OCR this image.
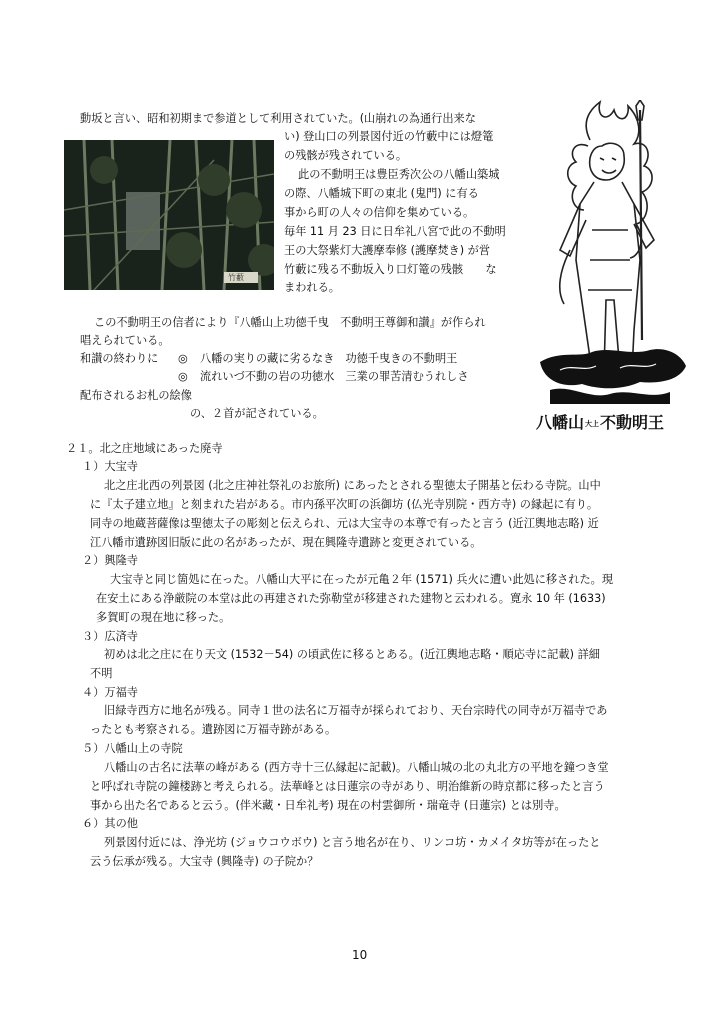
動坂と言い、昭和初期まで参道として利用されていた。(山崩れの為通行出来な
竹藪
い) 登山口の列景図付近の竹藪中には燈篭
の残骸が残されている。
此の不動明王は豊臣秀次公の八幡山築城
の際、八幡城下町の東北 (鬼門) に有る
事から町の人々の信仰を集めている。
毎年 11 月 23 日に日牟礼八宮で此の不動明
王の大祭紫灯大護摩奉修 (護摩焚き) が営
竹藪に残る不動坂入り口灯篭の残骸　　な
まわれる。
八幡山大上不動明王
この不動明王の信者により『八幡山上功徳千曳　不動明王尊御和讃』が作られ
唱えられている。
和讃の終わりに ◎ 八幡の実りの藏に劣るなき　功徳千曳きの不動明王
◎ 流れいづ不動の岩の功徳水　三業の罪苦清むうれしさ
配布されるお札の絵像
の、２首が記されている。
２１。北之庄地域にあった廃寺
１）大宝寺
北之庄北西の列景図 (北之庄神社祭礼のお旅所) にあったとされる聖徳太子開基と伝わる寺院。山中
に『太子建立地』と刻まれた岩がある。市内孫平次町の浜御坊 (仏光寺別院・西方寺) の縁起に有り。
同寺の地蔵菩薩像は聖徳太子の彫刻と伝えられ、元は大宝寺の本尊で有ったと言う (近江輿地志略) 近
江八幡市遺跡図旧版に此の名があったが、現在興隆寺遺跡と変更されている。
２）興隆寺
大宝寺と同じ箇処に在った。八幡山大平に在ったが元亀２年 (1571) 兵火に遭い此処に移された。現
在安土にある浄厳院の本堂は此の再建された弥勒堂が移建された建物と云われる。寛永 10 年 (1633)
多賀町の現在地に移った。
３）広済寺
初めは北之庄に在り天文 (1532－54) の頃武佐に移るとある。(近江輿地志略・順応寺に記載) 詳細
不明
４）万福寺
旧緑寺西方に地名が残る。同寺１世の法名に万福寺が採られており、天台宗時代の同寺が万福寺であ
ったとも考察される。遺跡図に万福寺跡がある。
５）八幡山上の寺院
八幡山の古名に法華の峰がある (西方寺十三仏縁起に記載)。八幡山城の北の丸北方の平地を鐘つき堂
と呼ばれ寺院の鐘楼跡と考えられる。法華峰とは日蓮宗の寺があり、明治維新の時京都に移ったと言う
事から出た名であると云う。(伴米藏・日牟礼考) 現在の村雲御所・瑞竜寺 (日蓮宗) とは別寺。
６）其の他
列景図付近には、浄光坊 (ジョウコウボウ) と言う地名が在り、リンコ坊・カメイタ坊等が在ったと
云う伝承が残る。大宝寺 (興隆寺) の子院か？
10
